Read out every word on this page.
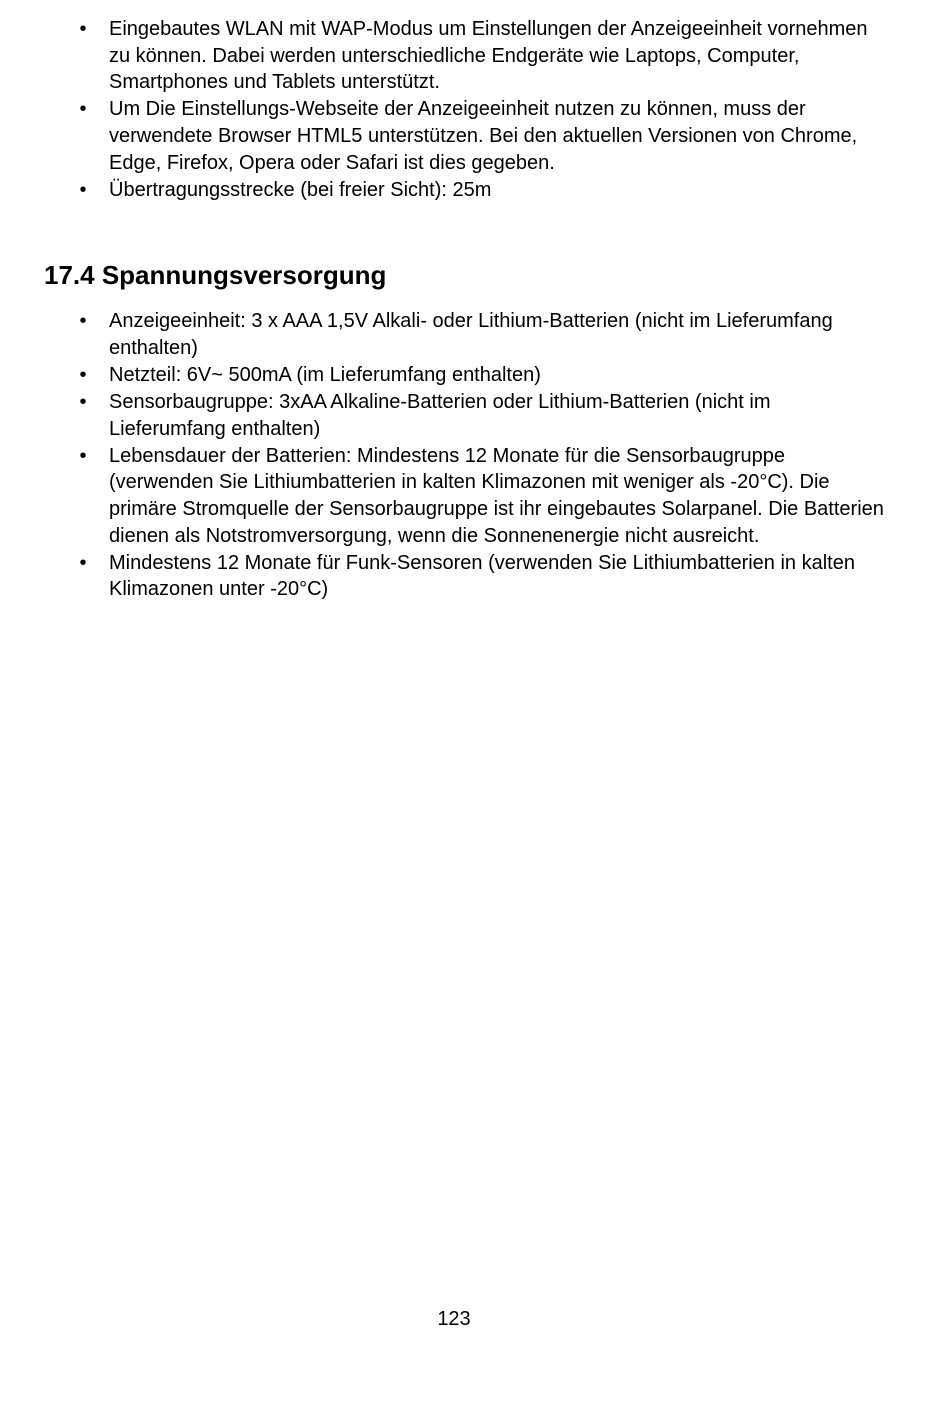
• Eingebautes WLAN mit WAP-Modus um Einstellungen der Anzeigeeinheit vornehmen zu können. Dabei werden unterschiedliche Endgeräte wie Laptops, Computer, Smartphones und Tablets unterstützt.
• Um Die Einstellungs-Webseite der Anzeigeeinheit nutzen zu können, muss der verwendete Browser HTML5 unterstützen. Bei den aktuellen Versionen von Chrome, Edge, Firefox, Opera oder Safari ist dies gegeben.
• Übertragungsstrecke (bei freier Sicht): 25m
17.4 Spannungsversorgung
• Anzeigeeinheit: 3 x AAA 1,5V Alkali- oder Lithium-Batterien (nicht im Lieferumfang enthalten)
• Netzteil: 6V~ 500mA (im Lieferumfang enthalten)
• Sensorbaugruppe: 3xAA Alkaline-Batterien oder Lithium-Batterien (nicht im Lieferumfang enthalten)
• Lebensdauer der Batterien: Mindestens 12 Monate für die Sensorbaugruppe (verwenden Sie Lithiumbatterien in kalten Klimazonen mit weniger als -20°C). Die primäre Stromquelle der Sensorbaugruppe ist ihr eingebautes Solarpanel. Die Batterien dienen als Notstromversorgung, wenn die Sonnenenergie nicht ausreicht.
• Mindestens 12 Monate für Funk-Sensoren (verwenden Sie Lithiumbatterien in kalten Klimazonen unter -20°C)
123
